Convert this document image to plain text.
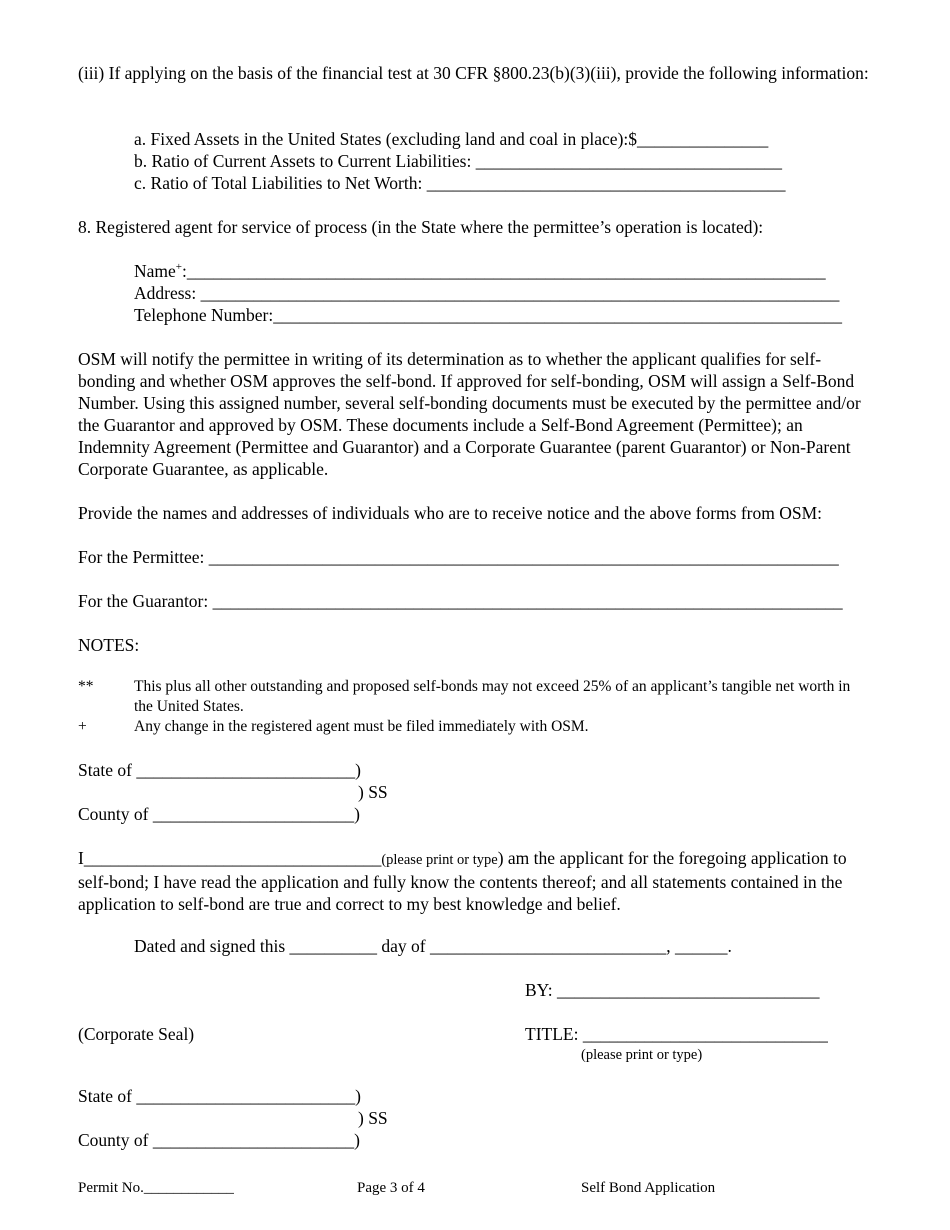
(iii) If applying on the basis of the financial test at 30 CFR §800.23(b)(3)(iii), provide the following information:
a. Fixed Assets in the United States (excluding land and coal in place):$_______________
b. Ratio of Current Assets to Current Liabilities: ___________________________________
c. Ratio of Total Liabilities to Net Worth: _________________________________________
8. Registered agent for service of process (in the State where the permittee’s operation is located):
Name+:_________________________________________________________________________
Address: _________________________________________________________________________
Telephone Number:_________________________________________________________________
OSM will notify the permittee in writing of its determination as to whether the applicant qualifies for self-bonding and whether OSM approves the self-bond. If approved for self-bonding, OSM will assign a Self-Bond Number. Using this assigned number, several self-bonding documents must be executed by the permittee and/or the Guarantor and approved by OSM. These documents include a Self-Bond Agreement (Permittee); an Indemnity Agreement (Permittee and Guarantor) and a Corporate Guarantee (parent Guarantor) or Non-Parent Corporate Guarantee, as applicable.
Provide the names and addresses of individuals who are to receive notice and the above forms from OSM:
For the Permittee: ________________________________________________________________________
For the Guarantor: ________________________________________________________________________
NOTES:
**	This plus all other outstanding and proposed self-bonds may not exceed 25% of an applicant’s tangible net worth in the United States.
+	Any change in the registered agent must be filed immediately with OSM.
State of _________________________)
) SS
County of _______________________)
I__________________________________(please print or type) am the applicant for the foregoing application to self-bond; I have read the application and fully know the contents thereof; and all statements contained in the application to self-bond are true and correct to my best knowledge and belief.
Dated and signed this __________ day of ___________________________, ______.
BY: ______________________________
(Corporate Seal)	TITLE: ____________________________
(please print or type)
State of _________________________)
) SS
County of _______________________)
Permit No.____________	Page 3 of 4	Self Bond Application
